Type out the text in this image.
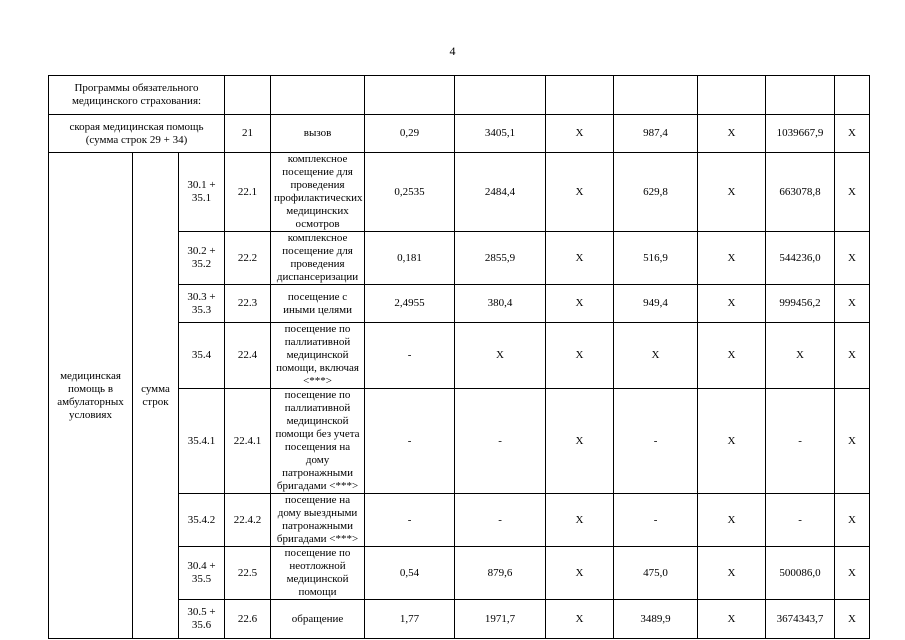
4
Программы обязательного медицинского страхования:											
скорая медицинская помощь (сумма строк 29 + 34)			21	вызов	0,29	3405,1	X	987,4	X	1039667,9	X
медицинская помощь в амбулаторных условиях	сумма строк	30.1 + 35.1	22.1	комплексное посещение для проведения профилактических медицинских осмотров	0,2535	2484,4	X	629,8	X	663078,8	X
		30.2 + 35.2	22.2	комплексное посещение для проведения диспансеризации	0,181	2855,9	X	516,9	X	544236,0	X
		30.3 + 35.3	22.3	посещение с иными целями	2,4955	380,4	X	949,4	X	999456,2	X
		35.4	22.4	посещение по паллиативной медицинской помощи, включая <***>	-	X	X	X	X	X	X
		35.4.1	22.4.1	посещение по паллиативной медицинской помощи без учета посещения на дому патронажными бригадами <***>	-	-	X	-	X	-	X
		35.4.2	22.4.2	посещение на дому выездными патронажными бригадами <***>	-	-	X	-	X	-	X
		30.4 + 35.5	22.5	посещение по неотложной медицинской помощи	0,54	879,6	X	475,0	X	500086,0	X
		30.5 + 35.6	22.6	обращение	1,77	1971,7	X	3489,9	X	3674343,7	X
